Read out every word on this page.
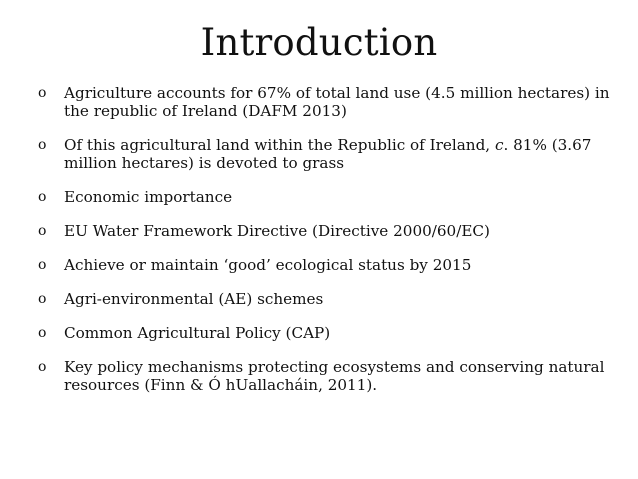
Introduction
o Agriculture accounts for 67% of total land use (4.5 million hectares) in the republic of Ireland (DAFM 2013)
o Of this agricultural land within the Republic of Ireland, c. 81% (3.67 million hectares) is devoted to grass
o Economic importance
o EU Water Framework Directive (Directive 2000/60/EC)
o Achieve or maintain ‘good’ ecological status by 2015
o Agri-environmental (AE) schemes
o Common Agricultural Policy (CAP)
o Key policy mechanisms protecting ecosystems and conserving natural resources (Finn & Ó hUallacháin, 2011).
